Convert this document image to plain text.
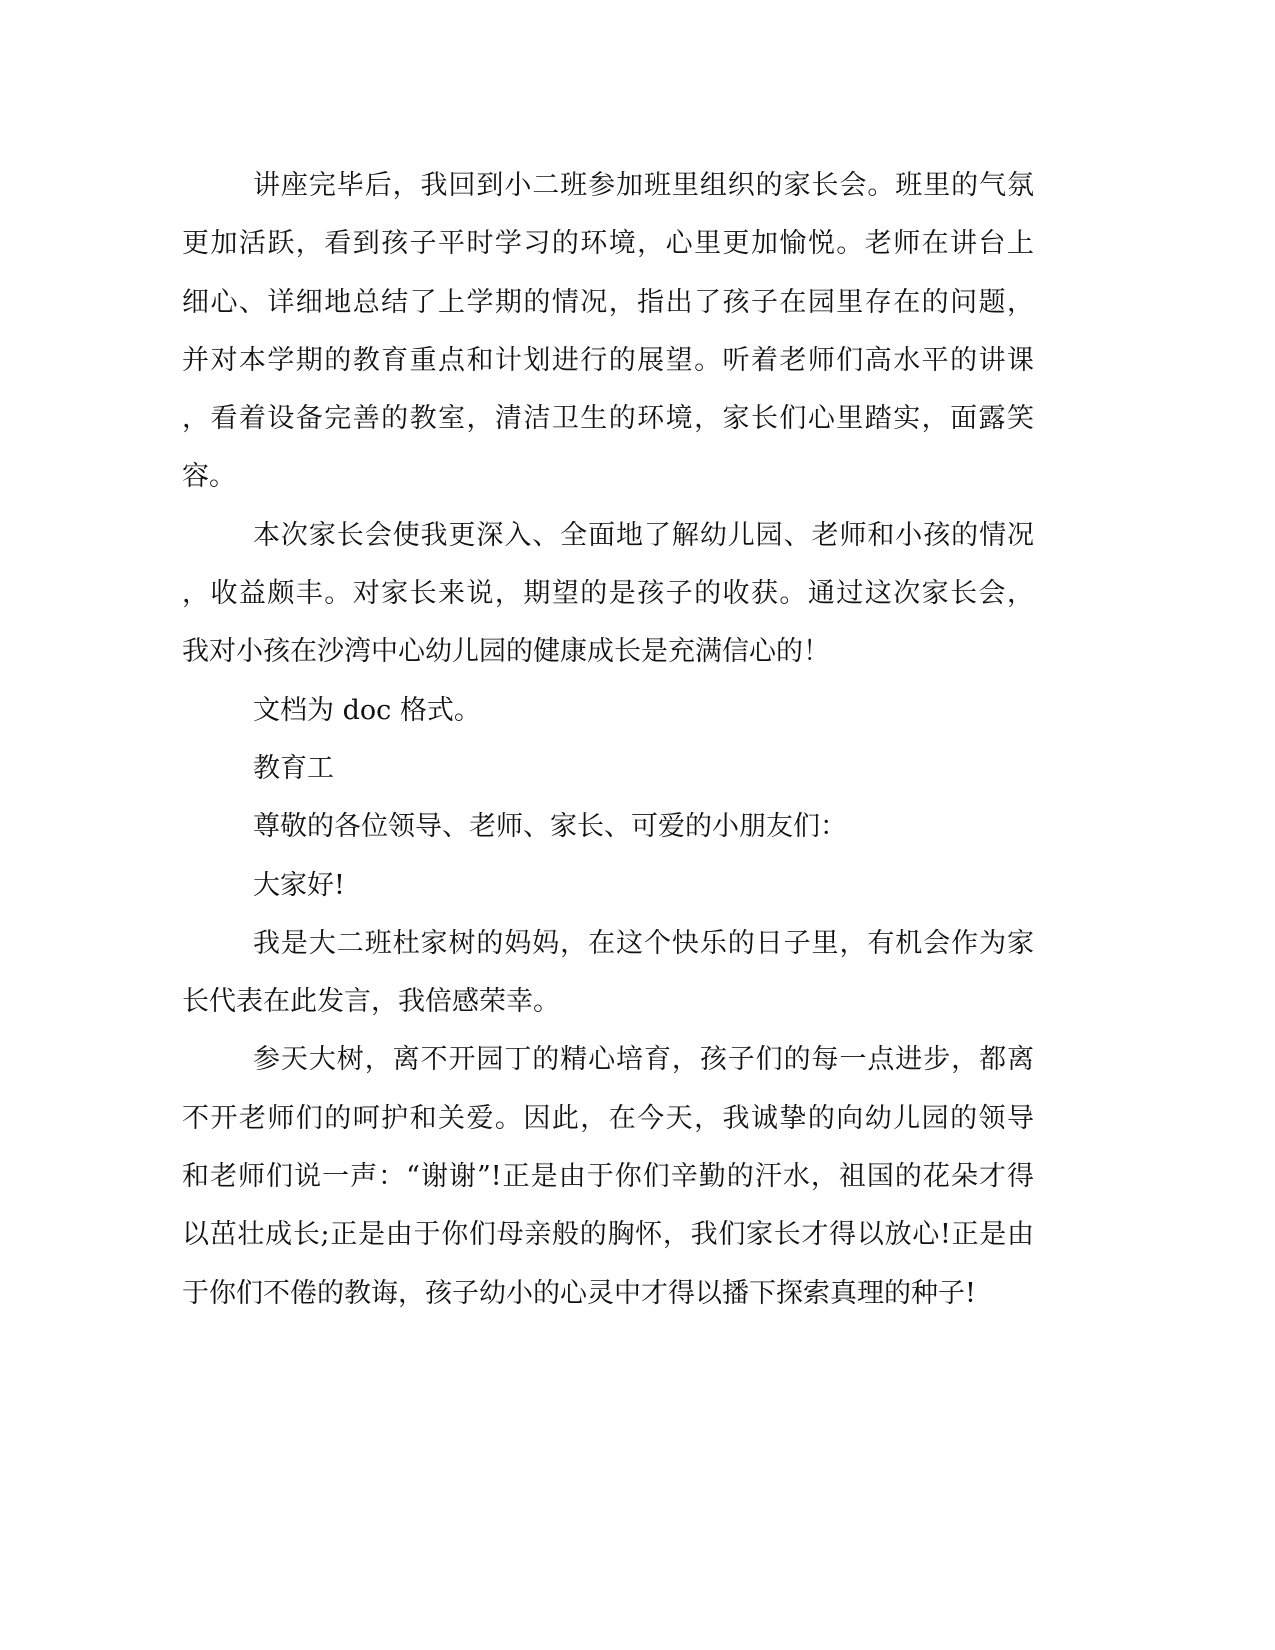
讲座完毕后，我回到小二班参加班里组织的家长会。班里的气氛
更加活跃，看到孩子平时学习的环境，心里更加愉悦。老师在讲台上
细心、详细地总结了上学期的情况，指出了孩子在园里存在的问题，
并对本学期的教育重点和计划进行的展望。听着老师们高水平的讲课
，看着设备完善的教室，清洁卫生的环境，家长们心里踏实，面露笑
容。
本次家长会使我更深入、全面地了解幼儿园、老师和小孩的情况
，收益颇丰。对家长来说，期望的是孩子的收获。通过这次家长会，
我对小孩在沙湾中心幼儿园的健康成长是充满信心的！
文档为 doc 格式。
教育工
尊敬的各位领导、老师、家长、可爱的小朋友们：
大家好!
我是大二班杜家树的妈妈，在这个快乐的日子里，有机会作为家
长代表在此发言，我倍感荣幸。
参天大树，离不开园丁的精心培育，孩子们的每一点进步，都离
不开老师们的呵护和关爱。因此，在今天，我诚挚的向幼儿园的领导
和老师们说一声：“谢谢”!正是由于你们辛勤的汗水，祖国的花朵才得
以茁壮成长;正是由于你们母亲般的胸怀，我们家长才得以放心!正是由
于你们不倦的教诲，孩子幼小的心灵中才得以播下探索真理的种子!
